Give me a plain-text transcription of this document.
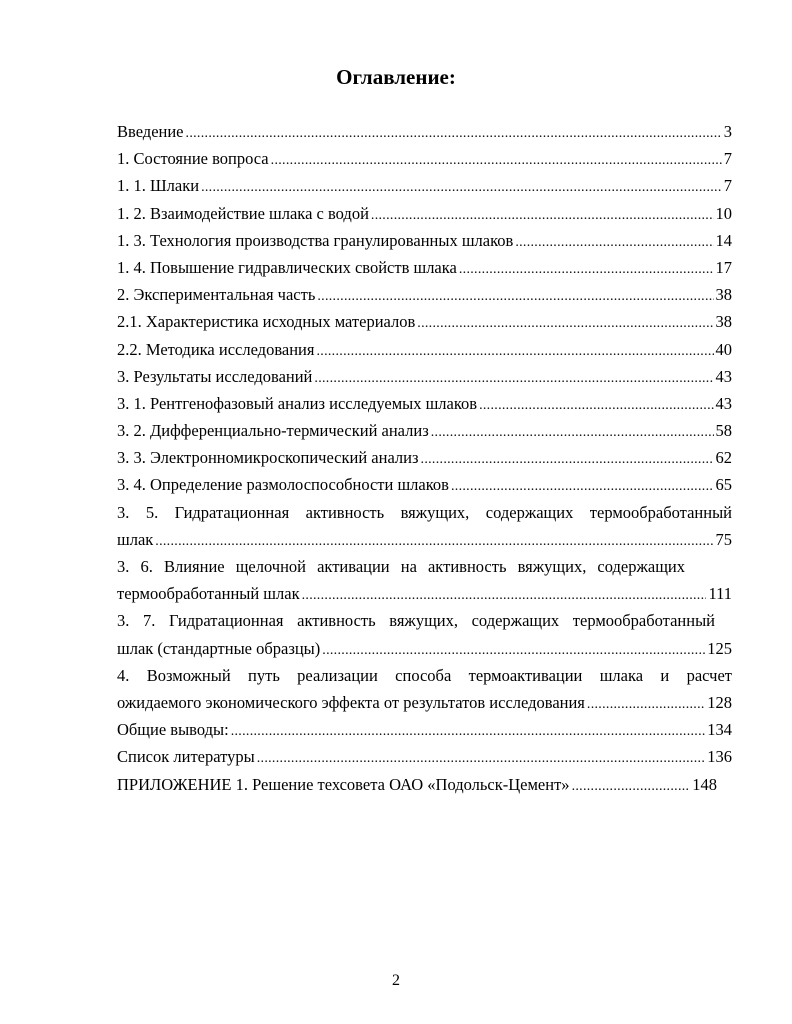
Оглавление:
Введение .....	3
1. Состояние вопроса .....	7
1. 1. Шлаки .....	7
1. 2. Взаимодействие шлака с водой .....	10
1. 3. Технология производства гранулированных шлаков .....	14
1. 4. Повышение гидравлических свойств шлака .....	17
2. Экспериментальная часть .....	38
2.1. Характеристика исходных материалов .....	38
2.2. Методика исследования .....	40
3. Результаты исследований .....	43
3. 1. Рентгенофазовый анализ исследуемых шлаков .....	43
3. 2. Дифференциально-термический анализ .....	58
3. 3. Электронномикроскопический анализ .....	62
3. 4. Определение размолоспособности шлаков .....	65
3. 5. Гидратационная активность вяжущих, содержащих термообработанный
шлак .....	75
3. 6. Влияние щелочной активации на активность вяжущих, содержащих
термообработанный шлак .....	111
3. 7. Гидратационная активность вяжущих, содержащих термообработанный
шлак (стандартные образцы) .....	125
4. Возможный путь реализации способа термоактивации шлака и расчет
ожидаемого экономического эффекта от результатов исследования .....	128
Общие выводы: .....	134
Список литературы .....	136
ПРИЛОЖЕНИЕ 1. Решение техсовета ОАО «Подольск-Цемент» .....	148
2
